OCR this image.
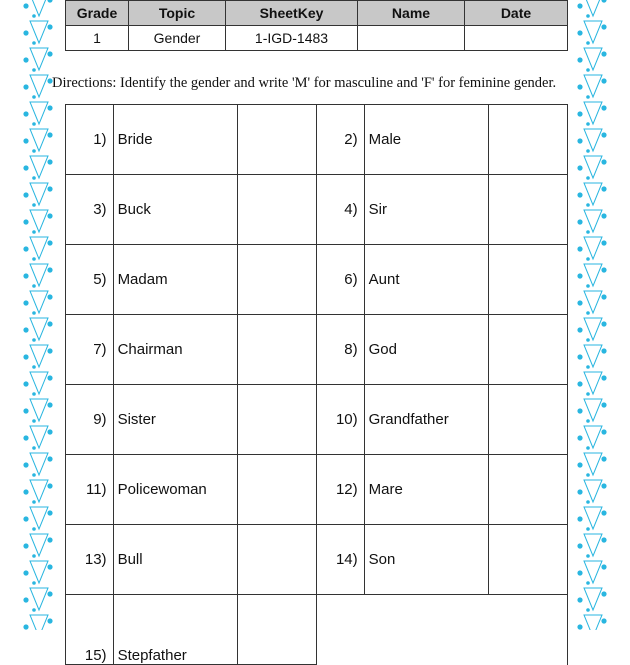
Grade	Topic	SheetKey	Name	Date
1	Gender	1-IGD-1483		
Directions: Identify the gender and write 'M' for masculine and 'F' for feminine gender.
1)	Bride		2)	Male	
3)	Buck		4)	Sir	
5)	Madam		6)	Aunt	
7)	Chairman		8)	God	
9)	Sister		10)	Grandfather	
11)	Policewoman		12)	Mare	
13)	Bull		14)	Son	
15)	Stepfather				
